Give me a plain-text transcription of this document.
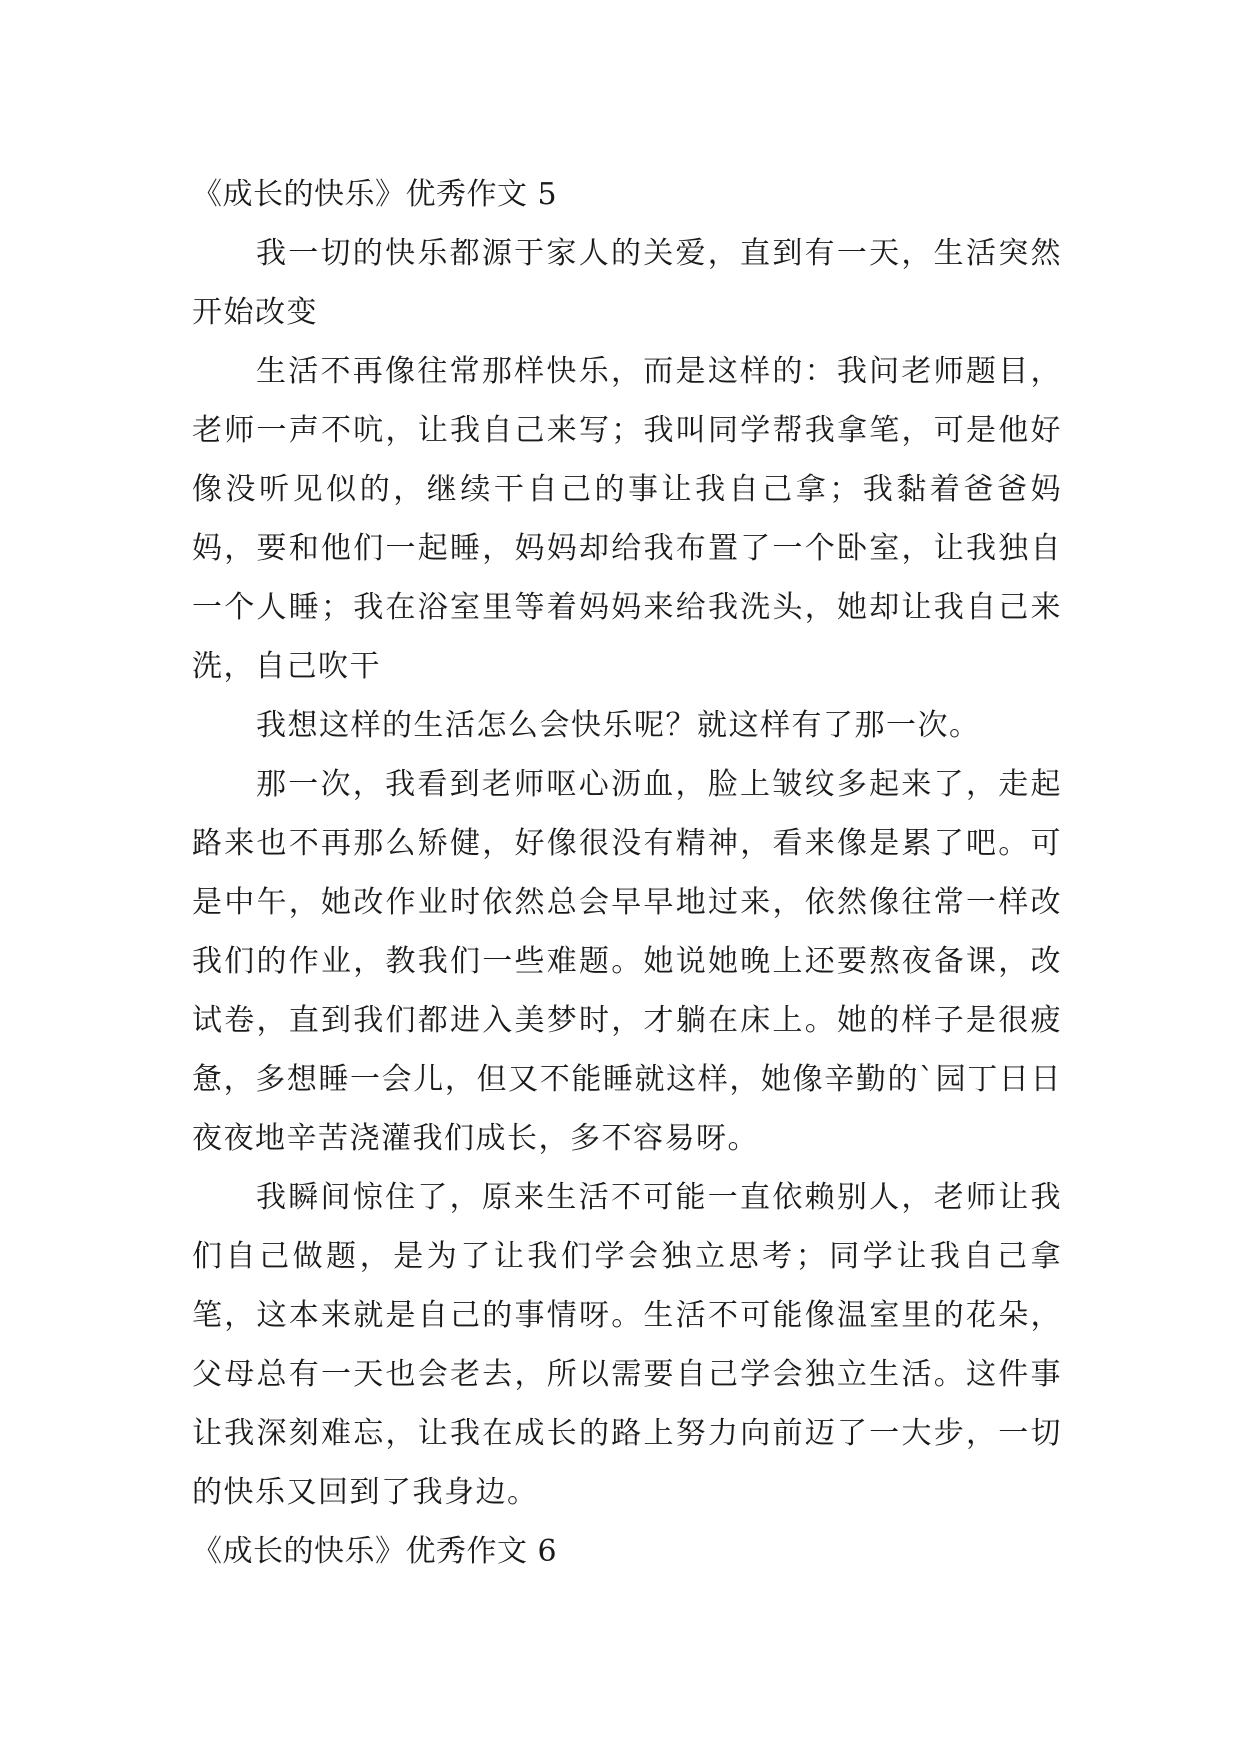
《成长的快乐》优秀作文 5

我一切的快乐都源于家人的关爱，直到有一天，生活突然开始改变

生活不再像往常那样快乐，而是这样的：我问老师题目，老师一声不吭，让我自己来写；我叫同学帮我拿笔，可是他好像没听见似的，继续干自己的事让我自己拿；我黏着爸爸妈妈，要和他们一起睡，妈妈却给我布置了一个卧室，让我独自一个人睡；我在浴室里等着妈妈来给我洗头，她却让我自己来洗，自己吹干

我想这样的生活怎么会快乐呢？就这样有了那一次。

那一次，我看到老师呕心沥血，脸上皱纹多起来了，走起路来也不再那么矫健，好像很没有精神，看来像是累了吧。可是中午，她改作业时依然总会早早地过来，依然像往常一样改我们的作业，教我们一些难题。她说她晚上还要熬夜备课，改试卷，直到我们都进入美梦时，才躺在床上。她的样子是很疲惫，多想睡一会儿，但又不能睡就这样，她像辛勤的`园丁日日夜夜地辛苦浇灌我们成长，多不容易呀。

我瞬间惊住了，原来生活不可能一直依赖别人，老师让我们自己做题，是为了让我们学会独立思考；同学让我自己拿笔，这本来就是自己的事情呀。生活不可能像温室里的花朵，父母总有一天也会老去，所以需要自己学会独立生活。这件事让我深刻难忘，让我在成长的路上努力向前迈了一大步，一切的快乐又回到了我身边。

《成长的快乐》优秀作文 6
